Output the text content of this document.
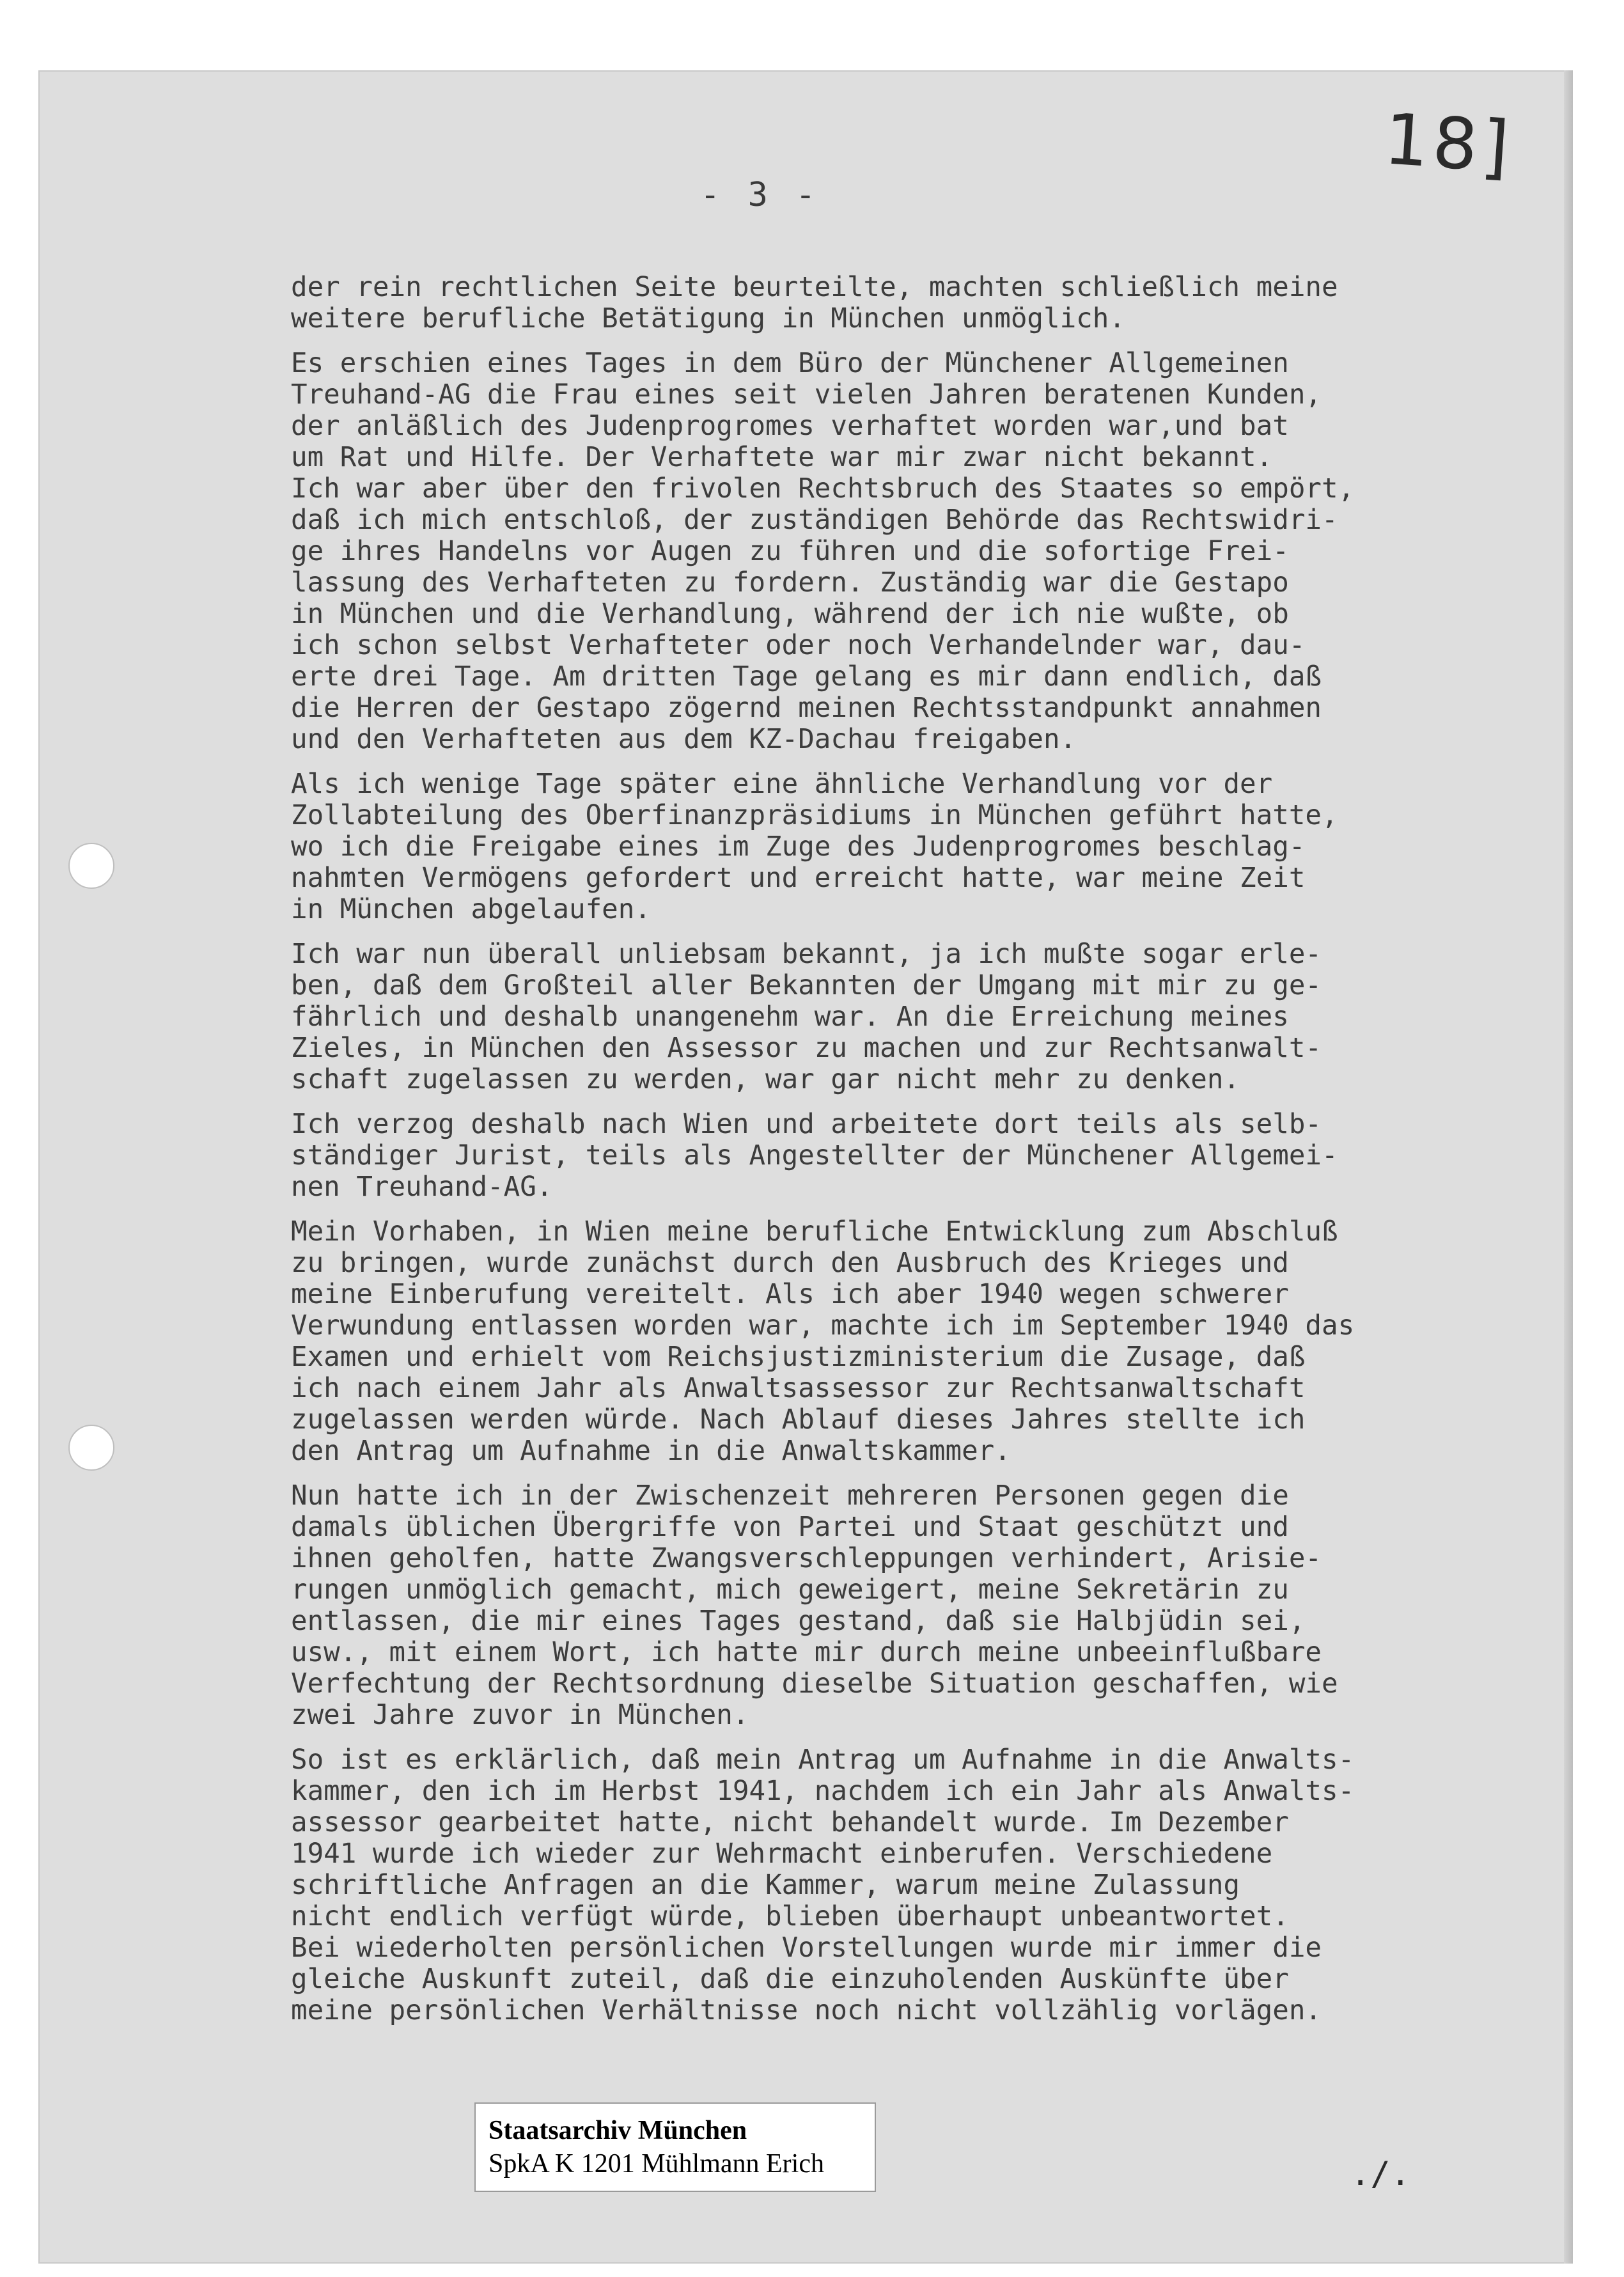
18]
- 3 -

der rein rechtlichen Seite beurteilte, machten schließlich meine
weitere berufliche Betätigung in München unmöglich.

Es erschien eines Tages in dem Büro der Münchener Allgemeinen
Treuhand-AG die Frau eines seit vielen Jahren beratenen Kunden,
der anläßlich des Judenprogromes verhaftet worden war,und bat
um Rat und Hilfe. Der Verhaftete war mir zwar nicht bekannt.
Ich war aber über den frivolen Rechtsbruch des Staates so empört,
daß ich mich entschloß, der zuständigen Behörde das Rechtswidri-
ge ihres Handelns vor Augen zu führen und die sofortige Frei-
lassung des Verhafteten zu fordern. Zuständig war die Gestapo
in München und die Verhandlung, während der ich nie wußte, ob
ich schon selbst Verhafteter oder noch Verhandelnder war, dau-
erte drei Tage. Am dritten Tage gelang es mir dann endlich, daß
die Herren der Gestapo zögernd meinen Rechtsstandpunkt annahmen
und den Verhafteten aus dem KZ-Dachau freigaben.

Als ich wenige Tage später eine ähnliche Verhandlung vor der
Zollabteilung des Oberfinanzpräsidiums in München geführt hatte,
wo ich die Freigabe eines im Zuge des Judenprogromes beschlag-
nahmten Vermögens gefordert und erreicht hatte, war meine Zeit
in München abgelaufen.

Ich war nun überall unliebsam bekannt, ja ich mußte sogar erle-
ben, daß dem Großteil aller Bekannten der Umgang mit mir zu ge-
fährlich und deshalb unangenehm war. An die Erreichung meines
Zieles, in München den Assessor zu machen und zur Rechtsanwalt-
schaft zugelassen zu werden, war gar nicht mehr zu denken.

Ich verzog deshalb nach Wien und arbeitete dort teils als selb-
ständiger Jurist, teils als Angestellter der Münchener Allgemei-
nen Treuhand-AG.

Mein Vorhaben, in Wien meine berufliche Entwicklung zum Abschluß
zu bringen, wurde zunächst durch den Ausbruch des Krieges und
meine Einberufung vereitelt. Als ich aber 1940 wegen schwerer
Verwundung entlassen worden war, machte ich im September 1940 das
Examen und erhielt vom Reichsjustizministerium die Zusage, daß
ich nach einem Jahr als Anwaltsassessor zur Rechtsanwaltschaft
zugelassen werden würde. Nach Ablauf dieses Jahres stellte ich
den Antrag um Aufnahme in die Anwaltskammer.

Nun hatte ich in der Zwischenzeit mehreren Personen gegen die
damals üblichen Übergriffe von Partei und Staat geschützt und
ihnen geholfen, hatte Zwangsverschleppungen verhindert, Arisie-
rungen unmöglich gemacht, mich geweigert, meine Sekretärin zu
entlassen, die mir eines Tages gestand, daß sie Halbjüdin sei,
usw., mit einem Wort, ich hatte mir durch meine unbeeinflußbare
Verfechtung der Rechtsordnung dieselbe Situation geschaffen, wie
zwei Jahre zuvor in München.

So ist es erklärlich, daß mein Antrag um Aufnahme in die Anwalts-
kammer, den ich im Herbst 1941, nachdem ich ein Jahr als Anwalts-
assessor gearbeitet hatte, nicht behandelt wurde. Im Dezember
1941 wurde ich wieder zur Wehrmacht einberufen. Verschiedene
schriftliche Anfragen an die Kammer, warum meine Zulassung
nicht endlich verfügt würde, blieben überhaupt unbeantwortet.
Bei wiederholten persönlichen Vorstellungen wurde mir immer die
gleiche Auskunft zuteil, daß die einzuholenden Auskünfte über
meine persönlichen Verhältnisse noch nicht vollzählig vorlägen.

Staatsarchiv München
SpkA K 1201 Mühlmann Erich	./.
